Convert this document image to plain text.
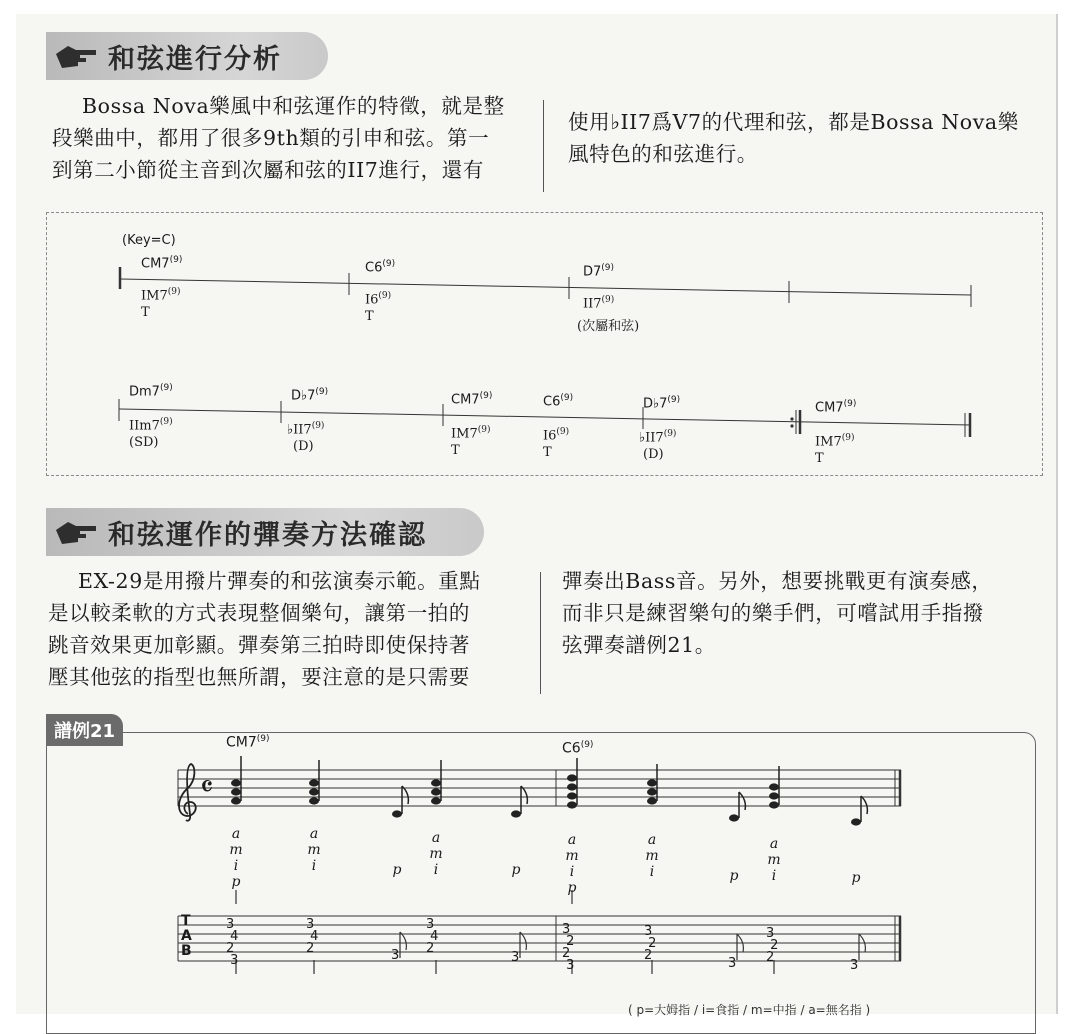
和弦進行分析
Bossa Nova樂風中和弦運作的特徵，就是整
段樂曲中，都用了很多9th類的引申和弦。第一
到第二小節從主音到次屬和弦的II7進行，還有
使用♭II7爲V7的代理和弦，都是Bossa Nova樂
風特色的和弦進行。
(Key=C)
CM7$^{(9)}$
IM7$^{(9)}$
T
C6$^{(9)}$
I6$^{(9)}$
T
D7$^{(9)}$
II7$^{(9)}$
(次屬和弦)
Dm7$^{(9)}$
IIm7$^{(9)}$
(SD)
D♭7$^{(9)}$
♭II7$^{(9)}$
(D)
CM7$^{(9)}$
IM7$^{(9)}$
T
C6$^{(9)}$
I6$^{(9)}$
T
D♭7$^{(9)}$
♭II7$^{(9)}$
(D)
CM7$^{(9)}$
IM7$^{(9)}$
T
和弦運作的彈奏方法確認
EX-29是用撥片彈奏的和弦演奏示範。重點
是以較柔軟的方式表現整個樂句，讓第一拍的
跳音效果更加彰顯。彈奏第三拍時即使保持著
壓其他弦的指型也無所謂，要注意的是只需要
彈奏出Bass音。另外，想要挑戰更有演奏感，
而非只是練習樂句的樂手們，可嚐試用手指撥
弦彈奏譜例21。
譜例21
CM7$^{(9)}$
C6$^{(9)}$
𝄴
T
A
B
a
m
i
p
a
m
i	p
a
m
i	p
a
m
i
p
a
m
i	p
a
m
i	p
3
4
2
3
3
4
2	3
3
4
2
3
3
2
2
3
3
2
2
3
3
2
2
3
( p=大姆指 / i=食指 / m=中指 / a=無名指 )
